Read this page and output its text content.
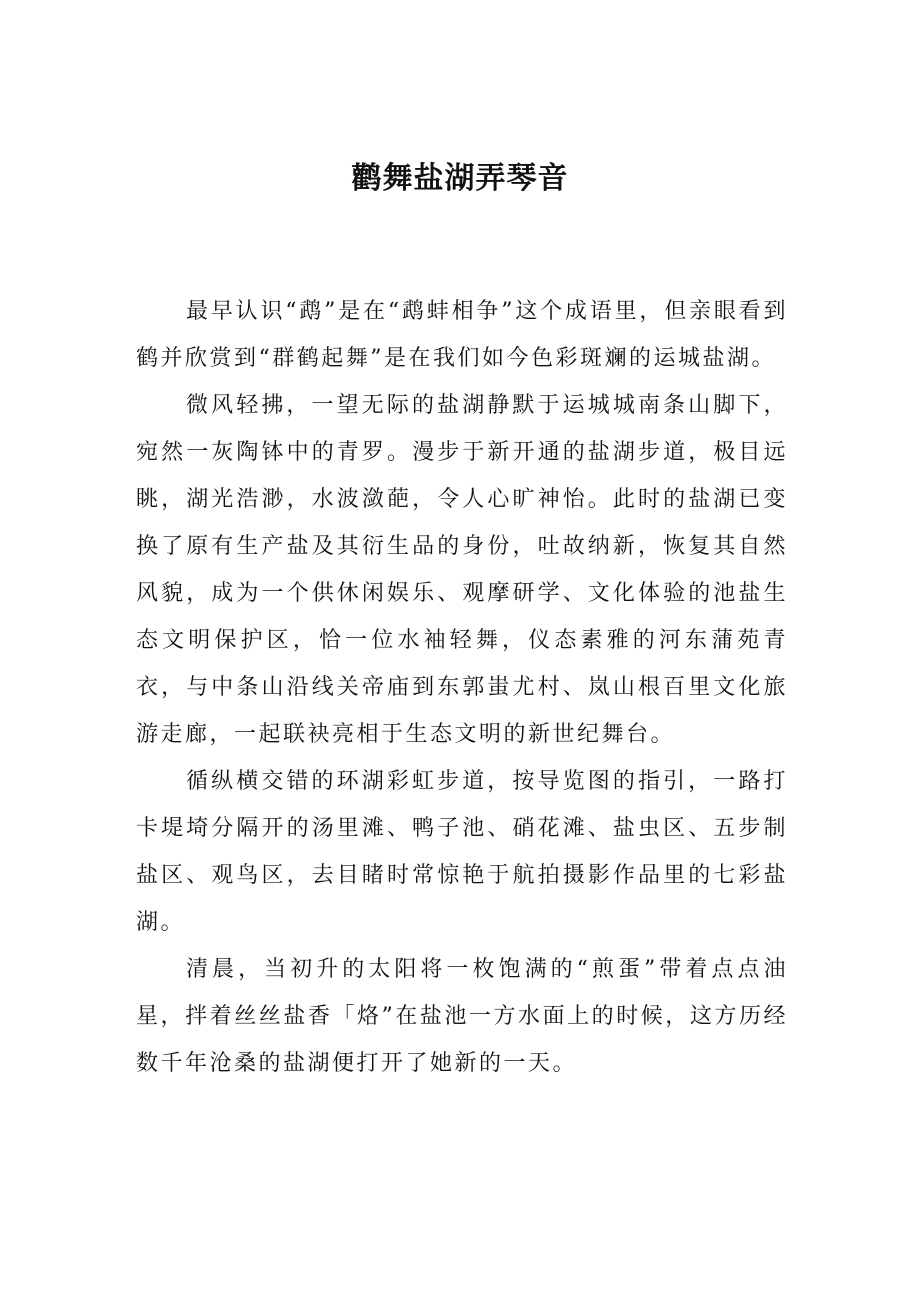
鹳舞盐湖弄琴音

最早认识“鹉”是在“鹉蚌相争”这个成语里，但亲眼看到鹤并欣赏到“群鹤起舞”是在我们如今色彩斑斓的运城盐湖。

微风轻拂，一望无际的盐湖静默于运城城南条山脚下，宛然一灰陶钵中的青罗。漫步于新开通的盐湖步道，极目远眺，湖光浩渺，水波潋葩，令人心旷神怡。此时的盐湖已变换了原有生产盐及其衍生品的身份，吐故纳新，恢复其自然风貌，成为一个供休闲娱乐、观摩研学、文化体验的池盐生态文明保护区，恰一位水袖轻舞，仪态素雅的河东蒲苑青衣，与中条山沿线关帝庙到东郭蚩尤村、岚山根百里文化旅游走廊，一起联袂亮相于生态文明的新世纪舞台。

循纵横交错的环湖彩虹步道，按导览图的指引，一路打卡堤埼分隔开的汤里滩、鸭子池、硝花滩、盐虫区、五步制盐区、观鸟区，去目睹时常惊艳于航拍摄影作品里的七彩盐湖。

清晨，当初升的太阳将一枚饱满的“煎蛋”带着点点油星，拌着丝丝盐香「烙”在盐池一方水面上的时候，这方历经数千年沧桑的盐湖便打开了她新的一天。
